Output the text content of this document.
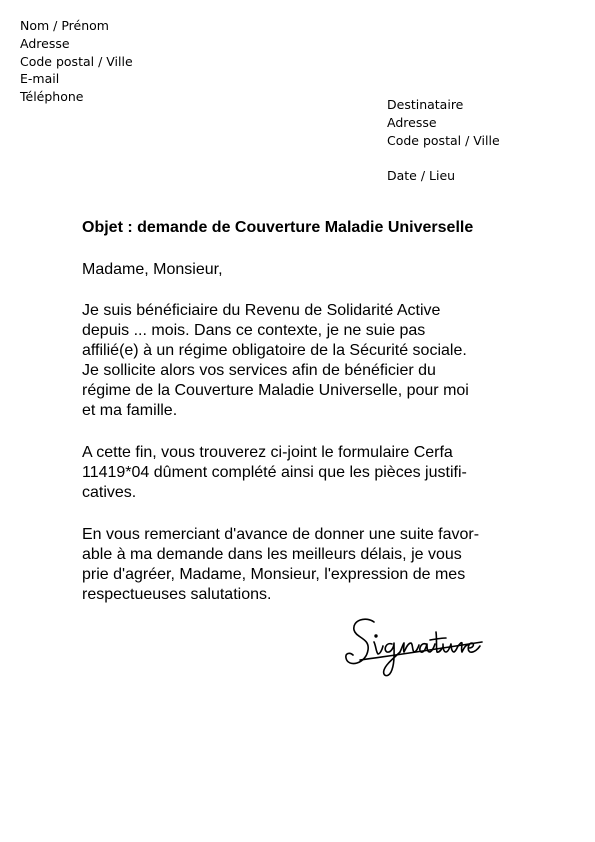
Nom / Prénom
Adresse
Code postal / Ville
E-mail
Téléphone
Destinataire
Adresse
Code postal / Ville
Date / Lieu
Objet : demande de Couverture Maladie Universelle
Madame, Monsieur,
Je suis bénéficiaire du Revenu de Solidarité Active
depuis ... mois. Dans ce contexte, je ne suie pas
affilié(e) à un régime obligatoire de la Sécurité sociale.
Je sollicite alors vos services afin de bénéficier du
régime de la Couverture Maladie Universelle, pour moi
et ma famille.
A cette fin, vous trouverez ci-joint le formulaire Cerfa
11419*04 dûment complété ainsi que les pièces justifi-
catives.
En vous remerciant d'avance de donner une suite favor-
able à ma demande dans les meilleurs délais, je vous
prie d'agréer, Madame, Monsieur, l'expression de mes
respectueuses salutations.
